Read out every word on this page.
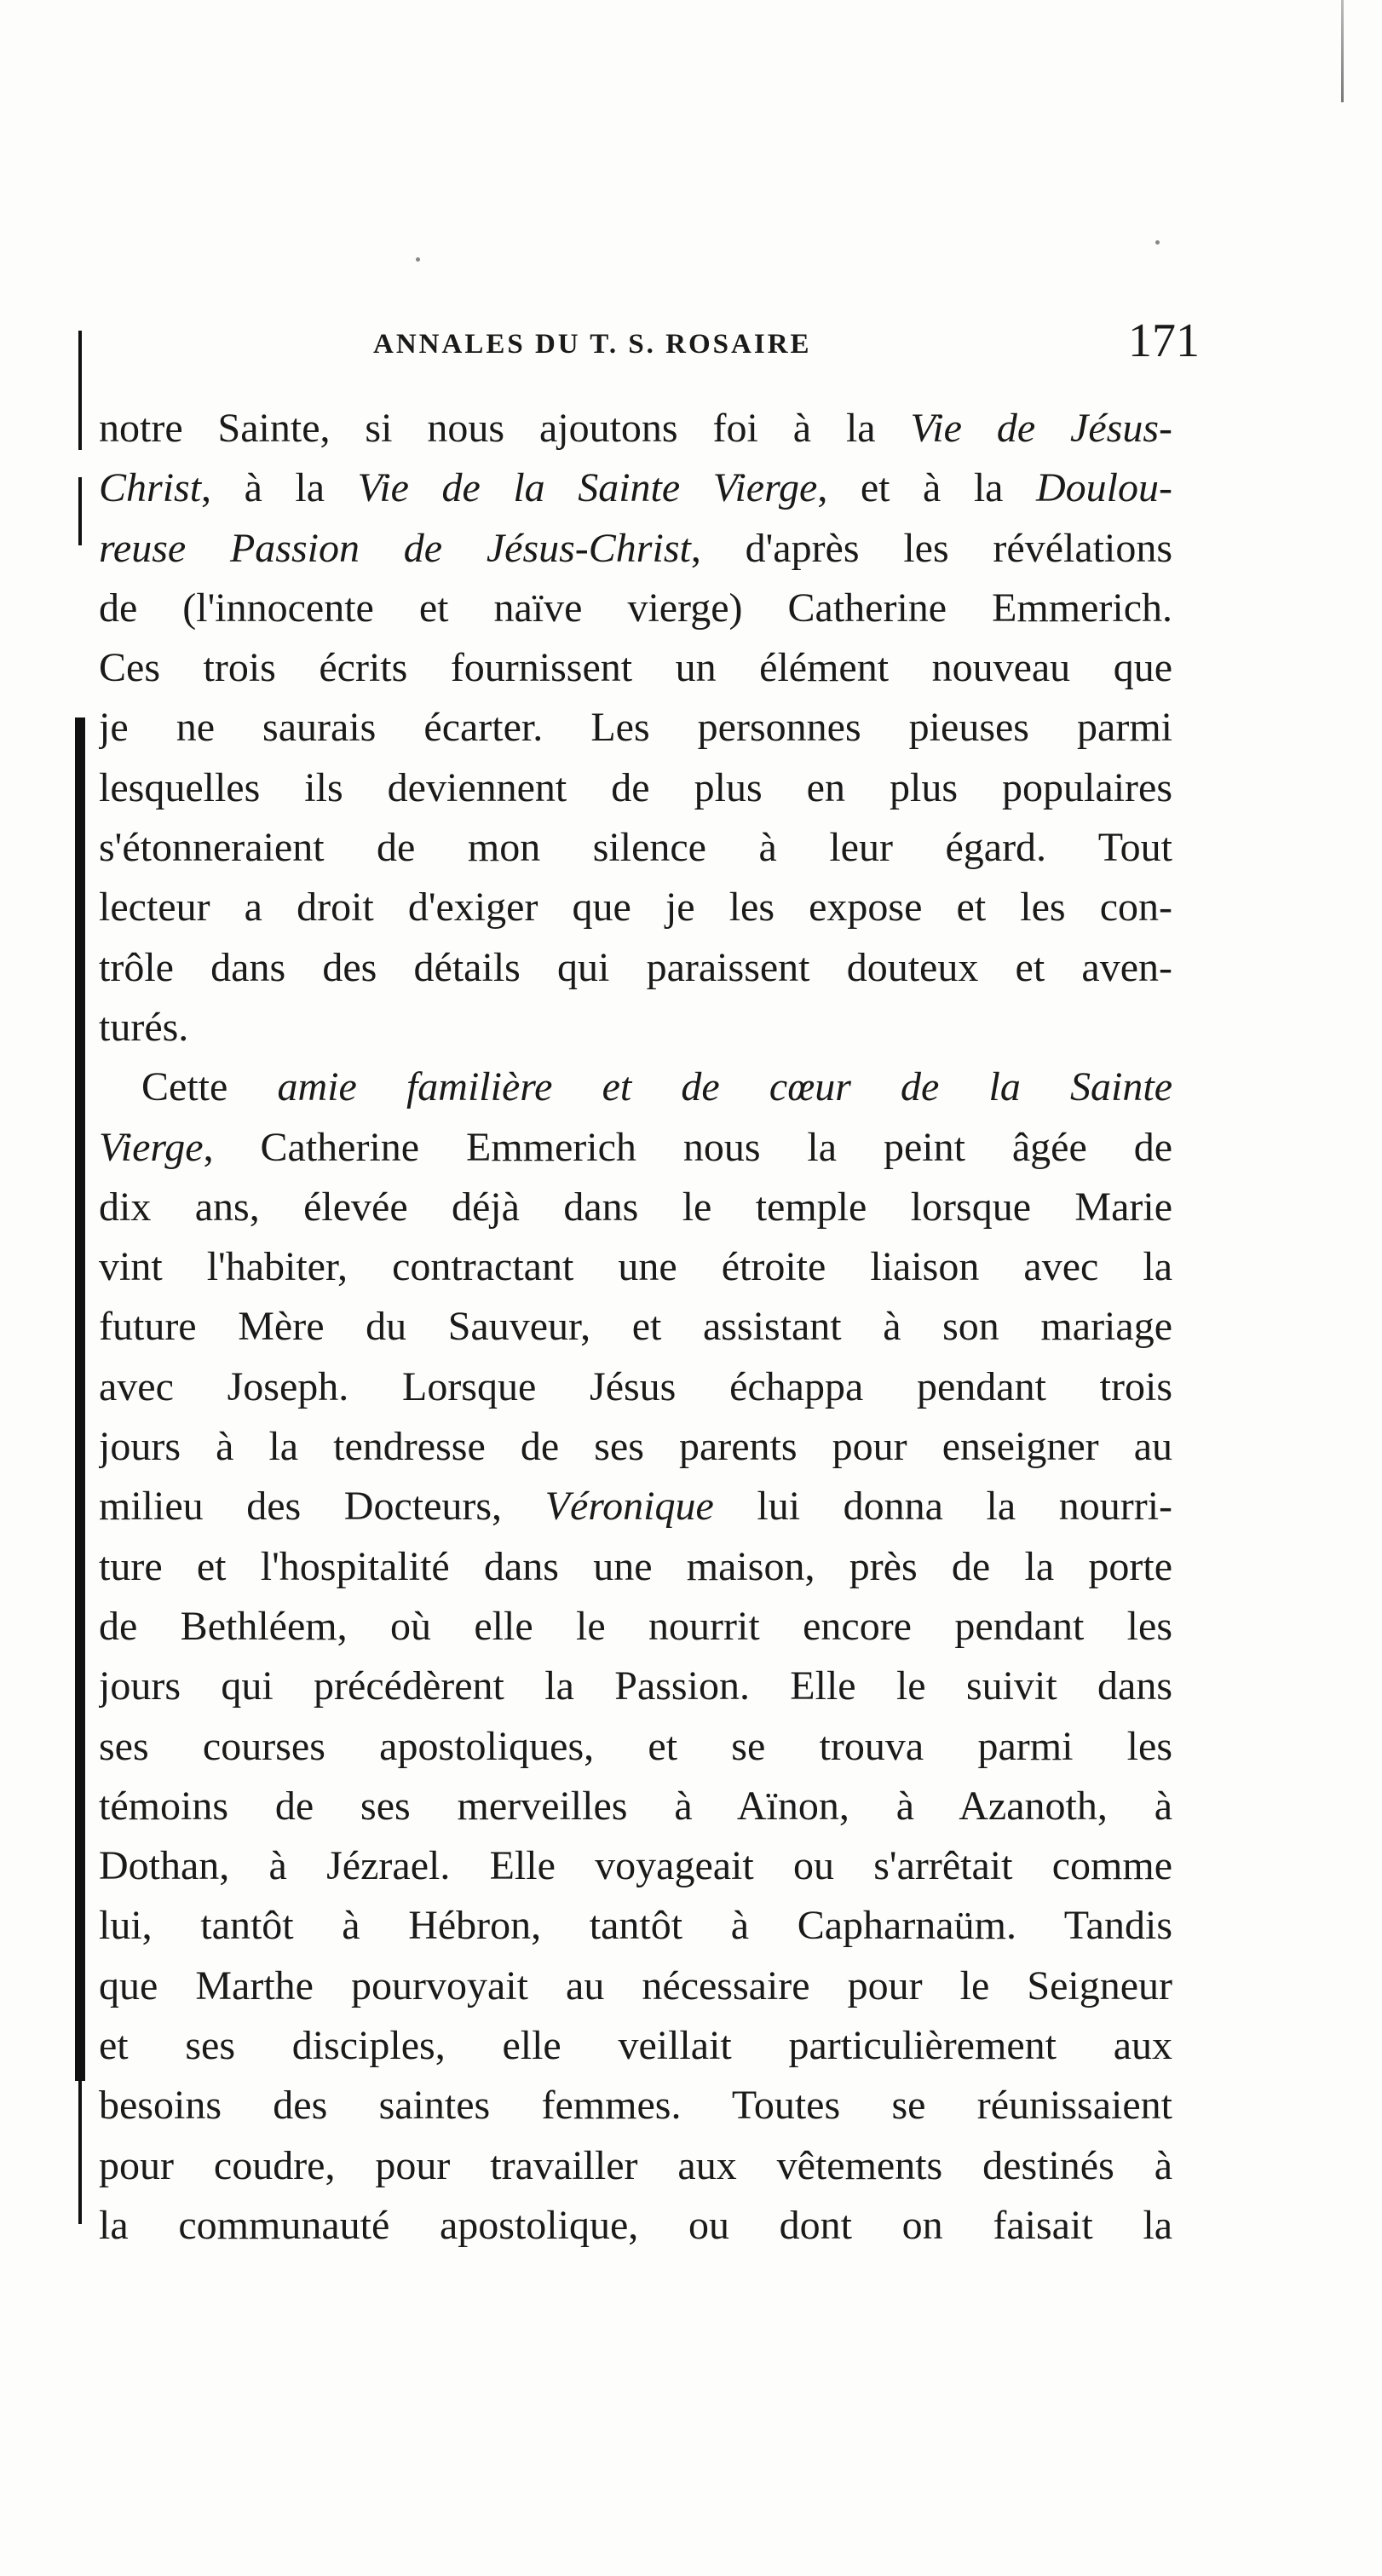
ANNALES DU T. S. ROSAIRE	171
notre Sainte, si nous ajoutons foi à la Vie de Jésus-
Christ, à la Vie de la Sainte Vierge, et à la Doulou-
reuse Passion de Jésus-Christ, d'après les révélations
de (l'innocente et naïve vierge) Catherine Emmerich.
Ces trois écrits fournissent un élément nouveau que
je ne saurais écarter. Les personnes pieuses parmi
lesquelles ils deviennent de plus en plus populaires
s'étonneraient de mon silence à leur égard. Tout
lecteur a droit d'exiger que je les expose et les con-
trôle dans des détails qui paraissent douteux et aven-
turés.
Cette amie familière et de cœur de la Sainte
Vierge, Catherine Emmerich nous la peint âgée de
dix ans, élevée déjà dans le temple lorsque Marie
vint l'habiter, contractant une étroite liaison avec la
future Mère du Sauveur, et assistant à son mariage
avec Joseph. Lorsque Jésus échappa pendant trois
jours à la tendresse de ses parents pour enseigner au
milieu des Docteurs, Véronique lui donna la nourri-
ture et l'hospitalité dans une maison, près de la porte
de Bethléem, où elle le nourrit encore pendant les
jours qui précédèrent la Passion. Elle le suivit dans
ses courses apostoliques, et se trouva parmi les
témoins de ses merveilles à Aïnon, à Azanoth, à
Dothan, à Jézrael. Elle voyageait ou s'arrêtait comme
lui, tantôt à Hébron, tantôt à Capharnaüm. Tandis
que Marthe pourvoyait au nécessaire pour le Seigneur
et ses disciples, elle veillait particulièrement aux
besoins des saintes femmes. Toutes se réunissaient
pour coudre, pour travailler aux vêtements destinés à
la communauté apostolique, ou dont on faisait la
